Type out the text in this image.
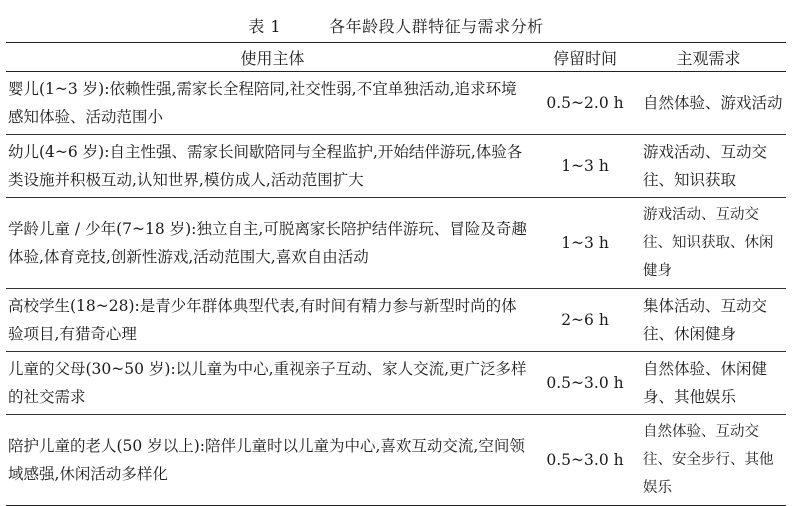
表 1	各年龄段人群特征与需求分析
使用主体	停留时间	主观需求
婴儿(1~3 岁):依赖性强,需家长全程陪同,社交性弱,不宜单独活动,追求环境感知体验、活动范围小	0.5~2.0 h	自然体验、游戏活动
幼儿(4~6 岁):自主性强、需家长间歇陪同与全程监护,开始结伴游玩,体验各类设施并积极互动,认知世界,模仿成人,活动范围扩大	1~3 h	游戏活动、互动交往、知识获取
学龄儿童 / 少年(7~18 岁):独立自主,可脱离家长陪护结伴游玩、冒险及奇趣体验,体育竞技,创新性游戏,活动范围大,喜欢自由活动	1~3 h	游戏活动、互动交往、知识获取、休闲健身
高校学生(18~28):是青少年群体典型代表,有时间有精力参与新型时尚的体验项目,有猎奇心理	2~6 h	集体活动、互动交往、休闲健身
儿童的父母(30~50 岁):以儿童为中心,重视亲子互动、家人交流,更广泛多样的社交需求	0.5~3.0 h	自然体验、休闲健身、其他娱乐
陪护儿童的老人(50 岁以上):陪伴儿童时以儿童为中心,喜欢互动交流,空间领域感强,休闲活动多样化	0.5~3.0 h	自然体验、互动交往、安全步行、其他娱乐
